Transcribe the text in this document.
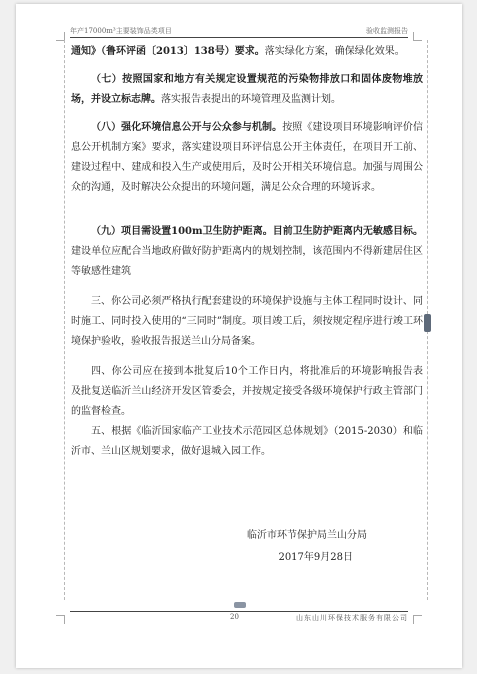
年产17000m³主要装饰品类项目	验收监测报告

通知》（鲁环评函〔2013〕138号）要求。落实绿化方案，确保绿化效果。

（七）按照国家和地方有关规定设置规范的污染物排放口和固体废物堆放场，并设立标志牌。落实报告表提出的环境管理及监测计划。

（八）强化环境信息公开与公众参与机制。按照《建设项目环境影响评价信息公开机制方案》要求，落实建设项目环评信息公开主体责任，在项目开工前、建设过程中、建成和投入生产或使用后，及时公开相关环境信息。加强与周围公众的沟通，及时解决公众提出的环境问题，满足公众合理的环境诉求。

（九）项目需设置100m卫生防护距离。目前卫生防护距离内无敏感目标。建设单位应配合当地政府做好防护距离内的规划控制，该范围内不得新建居住区等敏感性建筑

三、你公司必须严格执行配套建设的环境保护设施与主体工程同时设计、同时施工、同时投入使用的“三同时”制度。项目竣工后，须按规定程序进行竣工环境保护验收，验收报告报送兰山分局备案。

四、你公司应在接到本批复后10个工作日内，将批准后的环境影响报告表及批复送临沂兰山经济开发区管委会，并按规定接受各级环境保护行政主管部门的监督检查。

五、根据《临沂国家临产工业技术示范园区总体规划》（2015-2030）和临沂市、兰山区规划要求，做好退城入园工作。

临沂市环节保护局兰山分局
2017年9月28日
20	山东山川环保技术服务有限公司
